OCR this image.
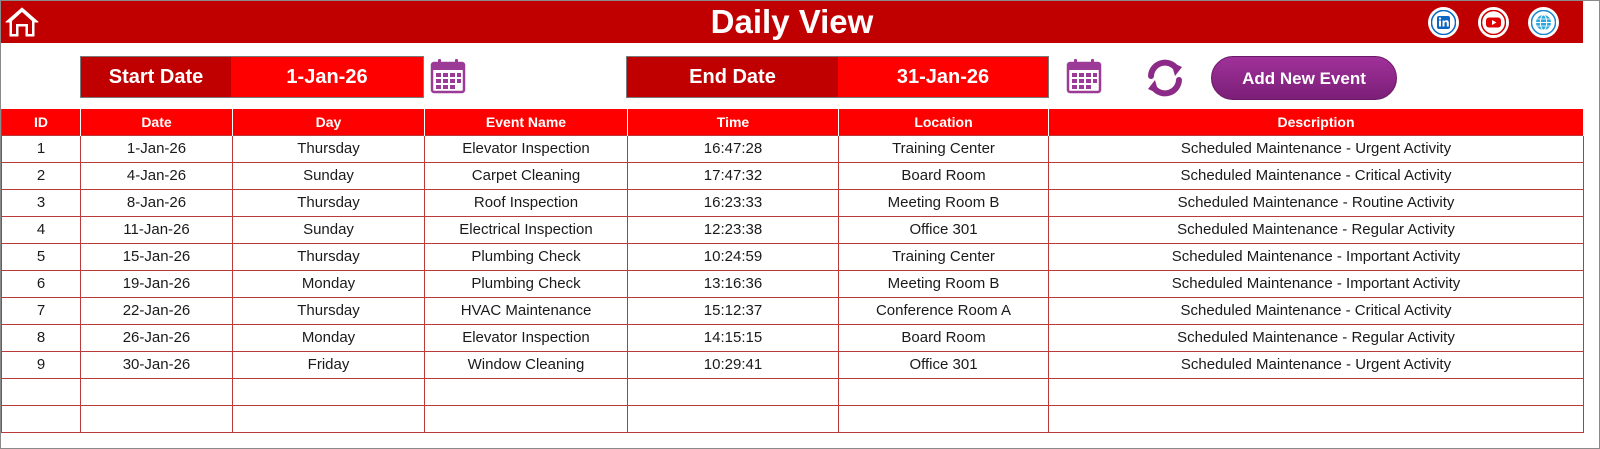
Daily View
Start Date	1-Jan-26	End Date	31-Jan-26	Add New Event
ID	Date	Day	Event Name	Time	Location	Description
1	1-Jan-26	Thursday	Elevator Inspection	16:47:28	Training Center	Scheduled Maintenance - Urgent Activity
2	4-Jan-26	Sunday	Carpet Cleaning	17:47:32	Board Room	Scheduled Maintenance - Critical Activity
3	8-Jan-26	Thursday	Roof Inspection	16:23:33	Meeting Room B	Scheduled Maintenance - Routine Activity
4	11-Jan-26	Sunday	Electrical Inspection	12:23:38	Office 301	Scheduled Maintenance - Regular Activity
5	15-Jan-26	Thursday	Plumbing Check	10:24:59	Training Center	Scheduled Maintenance - Important Activity
6	19-Jan-26	Monday	Plumbing Check	13:16:36	Meeting Room B	Scheduled Maintenance - Important Activity
7	22-Jan-26	Thursday	HVAC Maintenance	15:12:37	Conference Room A	Scheduled Maintenance - Critical Activity
8	26-Jan-26	Monday	Elevator Inspection	14:15:15	Board Room	Scheduled Maintenance - Regular Activity
9	30-Jan-26	Friday	Window Cleaning	10:29:41	Office 301	Scheduled Maintenance - Urgent Activity
